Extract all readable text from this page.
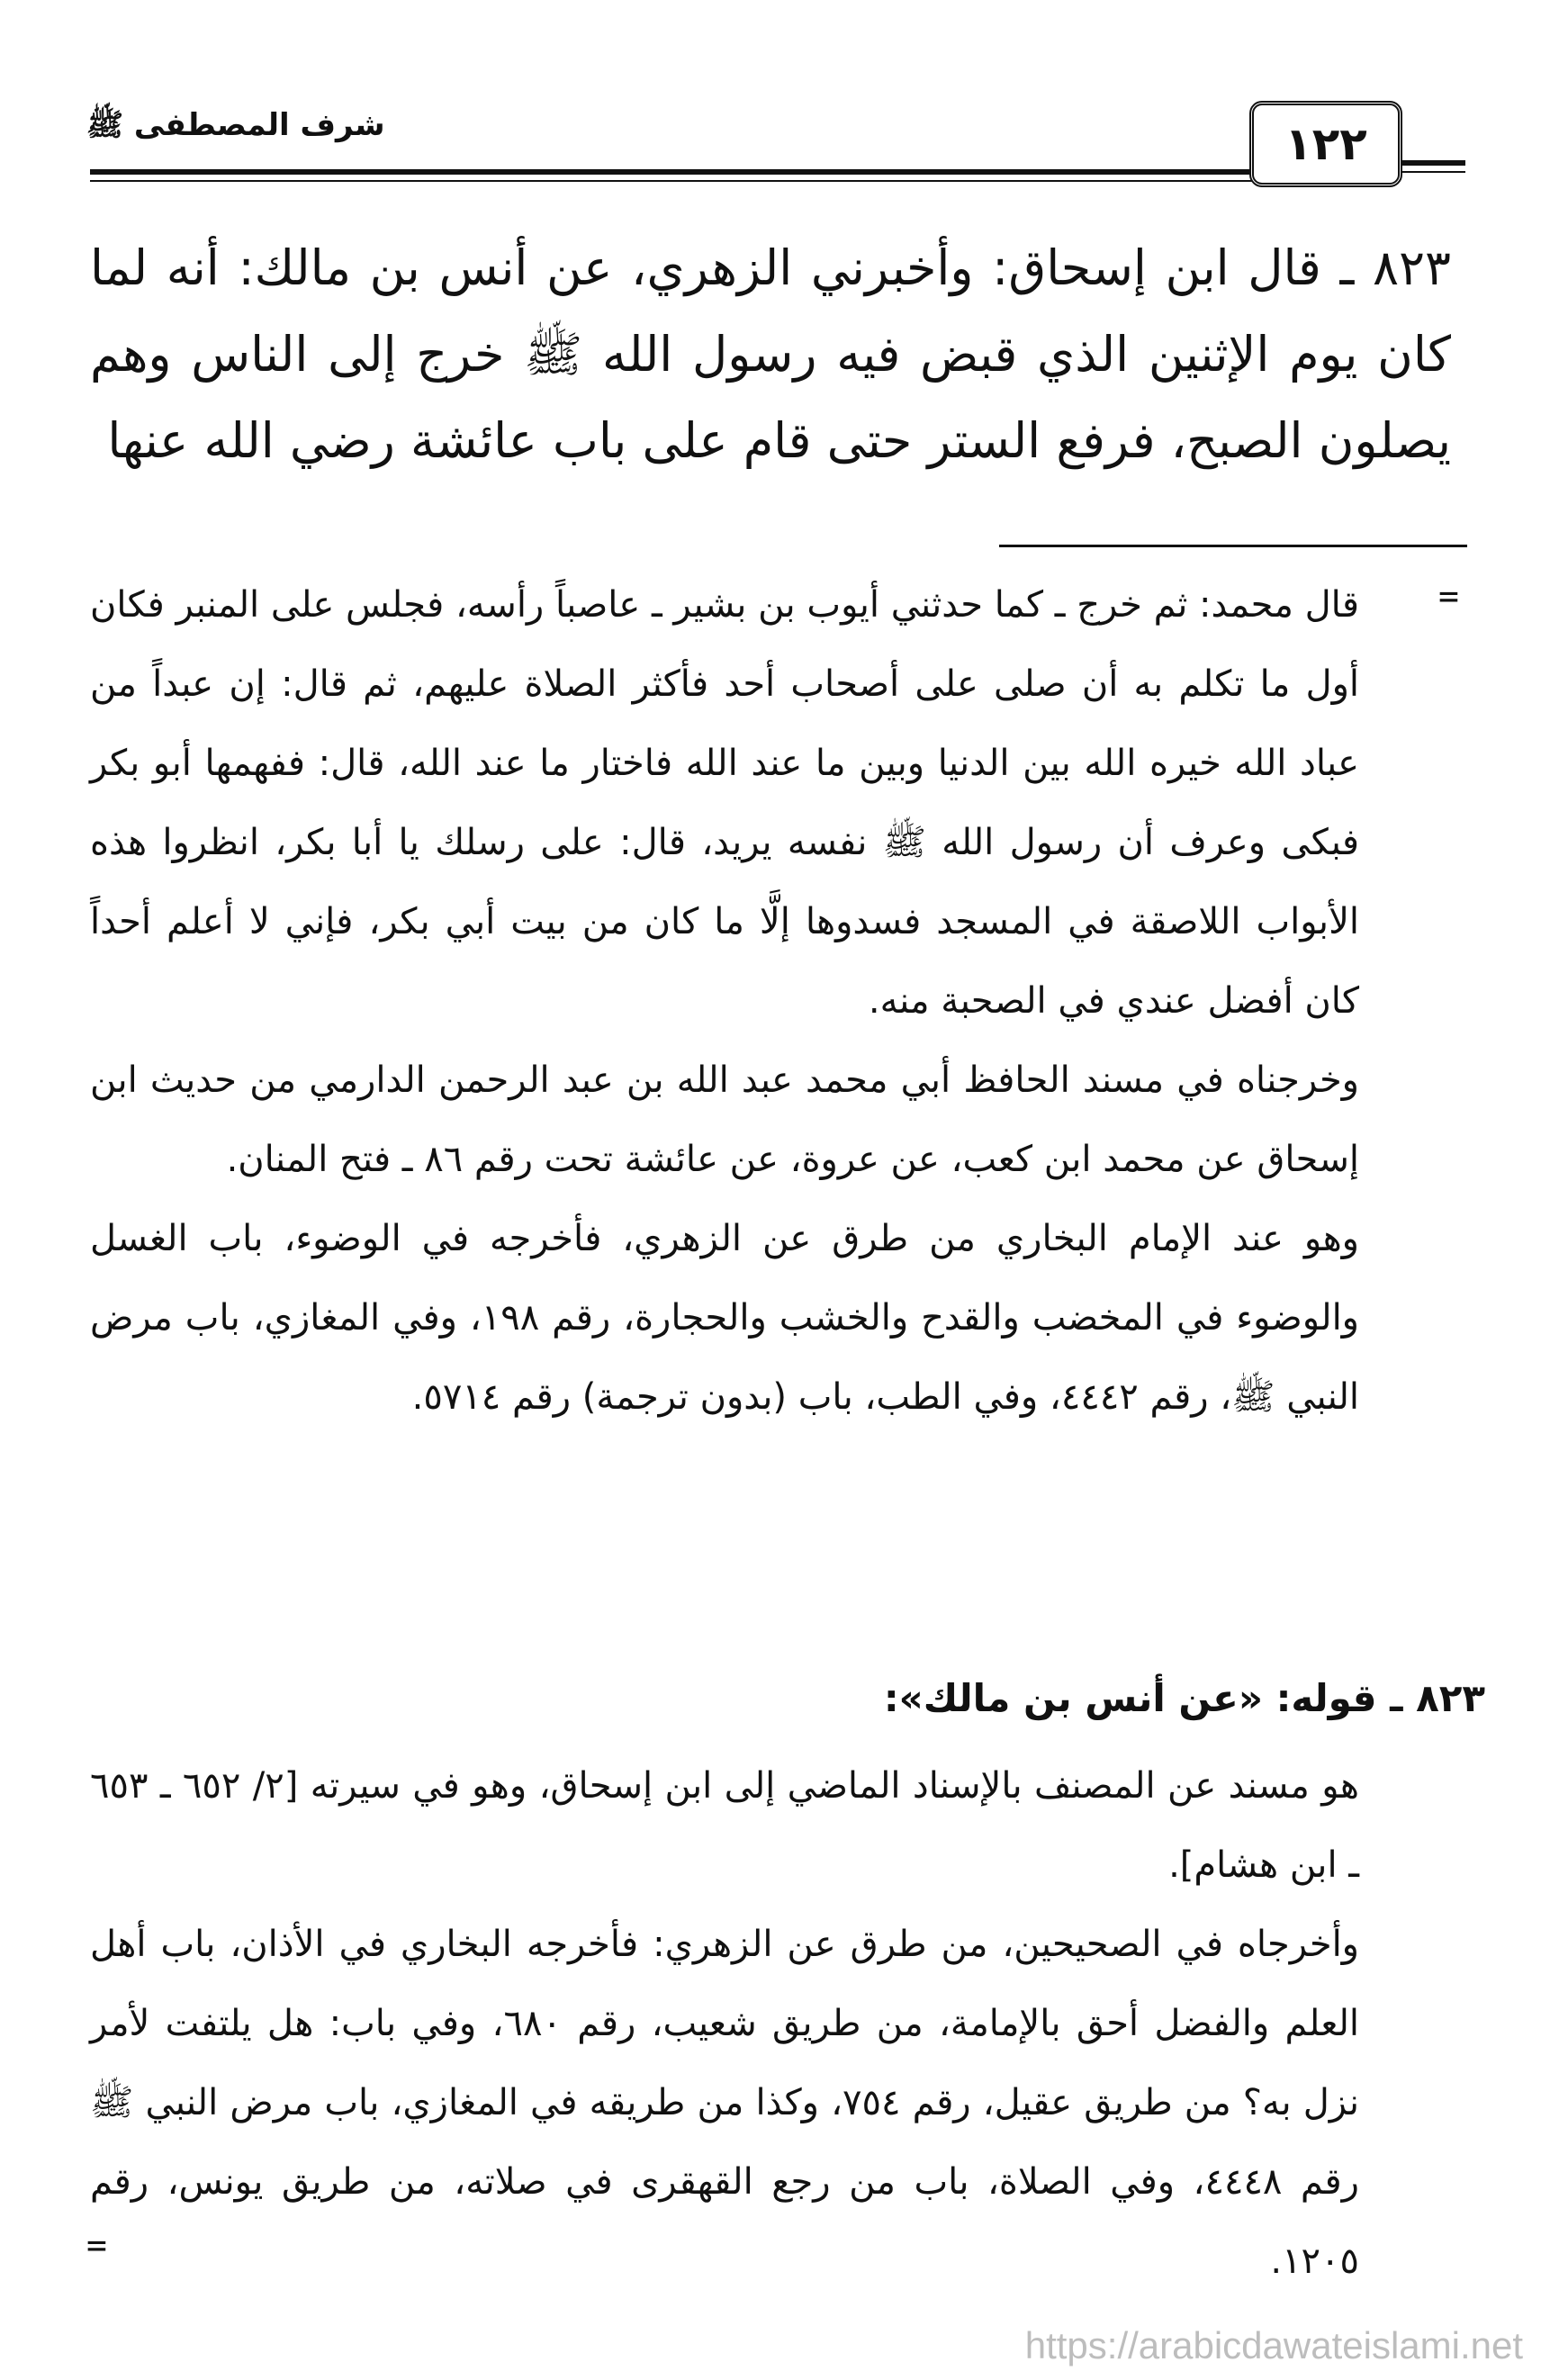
شرف المصطفى ﷺ	١٢٢
٨٢٣ ـ قال ابن إسحاق: وأخبرني الزهري، عن أنس بن مالك: أنه لما كان يوم الإثنين الذي قبض فيه رسول الله ﷺ خرج إلى الناس وهم يصلون الصبح، فرفع الستر حتى قام على باب عائشة رضي الله عنها
=

قال محمد: ثم خرج ـ كما حدثني أيوب بن بشير ـ عاصباً رأسه، فجلس على المنبر فكان أول ما تكلم به أن صلى على أصحاب أحد فأكثر الصلاة عليهم، ثم قال: إن عبداً من عباد الله خيره الله بين الدنيا وبين ما عند الله فاختار ما عند الله، قال: ففهمها أبو بكر فبكى وعرف أن رسول الله ﷺ نفسه يريد، قال: على رسلك يا أبا بكر، انظروا هذه الأبواب اللاصقة في المسجد فسدوها إلَّا ما كان من بيت أبي بكر، فإني لا أعلم أحداً كان أفضل عندي في الصحبة منه.

وخرجناه في مسند الحافظ أبي محمد عبد الله بن عبد الرحمن الدارمي من حديث ابن إسحاق عن محمد ابن كعب، عن عروة، عن عائشة تحت رقم ٨٦ ـ فتح المنان.

وهو عند الإمام البخاري من طرق عن الزهري، فأخرجه في الوضوء، باب الغسل والوضوء في المخضب والقدح والخشب والحجارة، رقم ١٩٨، وفي المغازي، باب مرض النبي ﷺ، رقم ٤٤٤٢، وفي الطب، باب (بدون ترجمة) رقم ٥٧١٤.

٨٢٣ ـ قوله: «عن أنس بن مالك»:

هو مسند عن المصنف بالإسناد الماضي إلى ابن إسحاق، وهو في سيرته [٢/ ٦٥٢ ـ ٦٥٣ ـ ابن هشام].

وأخرجاه في الصحيحين، من طرق عن الزهري: فأخرجه البخاري في الأذان، باب أهل العلم والفضل أحق بالإمامة، من طريق شعيب، رقم ٦٨٠، وفي باب: هل يلتفت لأمر نزل به؟ من طريق عقيل، رقم ٧٥٤، وكذا من طريقه في المغازي، باب مرض النبي ﷺ رقم ٤٤٤٨، وفي الصلاة، باب من رجع القهقرى في صلاته، من طريق يونس، رقم ١٢٠٥.

=
https://arabicdawateislami.net
